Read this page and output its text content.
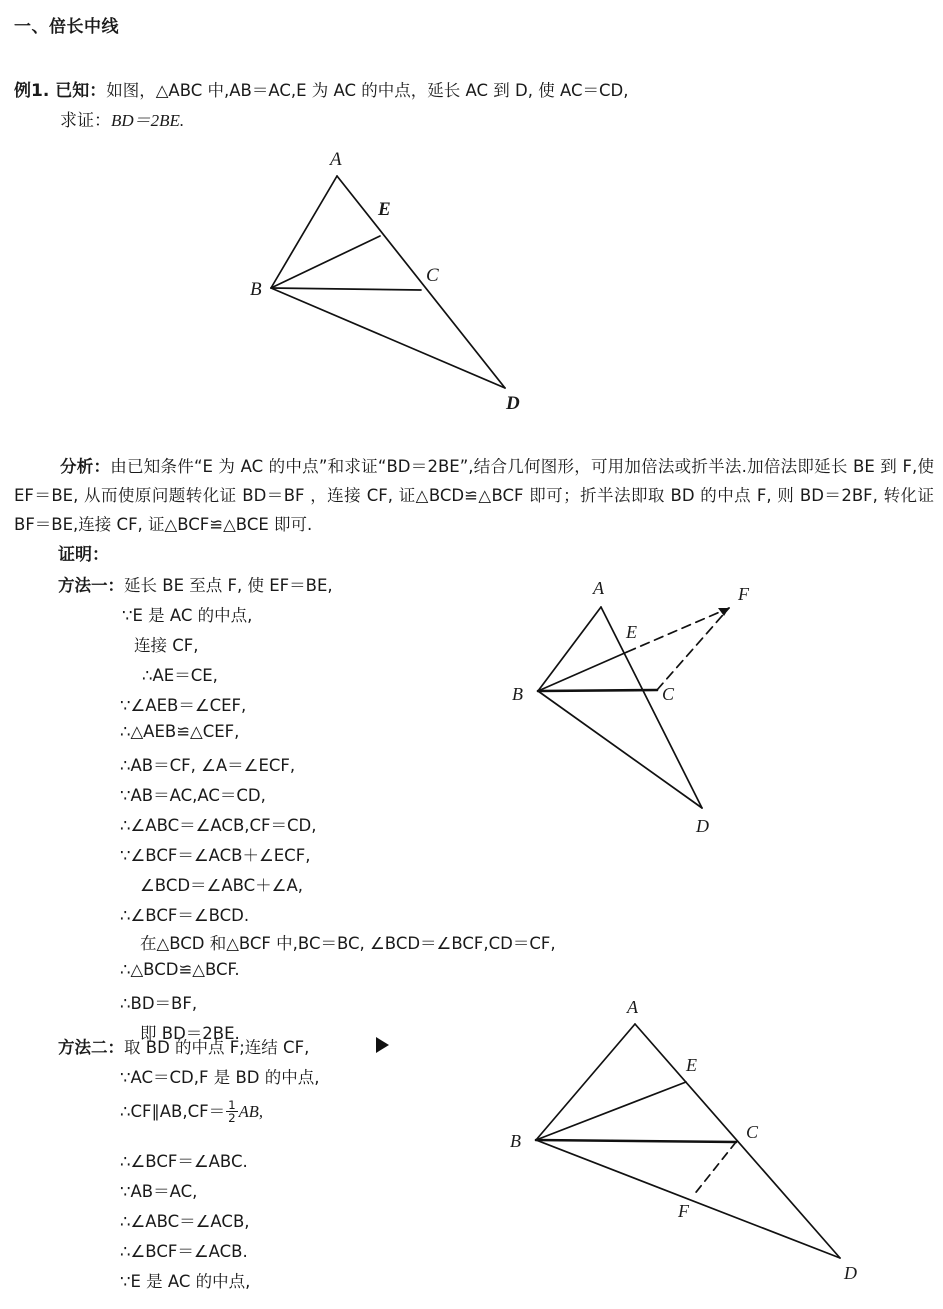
一、倍长中线
例1. 已知：如图，△ABC 中,AB＝AC,E 为 AC 的中点，延长 AC 到 D, 使 AC＝CD,
求证：BD＝2BE.
A
B
C
D
E
分析：由已知条件“E 为 AC 的中点”和求证“BD＝2BE”,结合几何图形，可用加倍法或折半法.加倍法即延长 BE 到 F,使 EF＝BE, 从而使原问题转化证 BD＝BF ，连接 CF, 证△BCD≌△BCF 即可；折半法即取 BD 的中点 F, 则 BD＝2BF, 转化证 BF＝BE,连接 CF, 证△BCF≌△BCE 即可.
证明：
方法一：延长 BE 至点 F, 使 EF＝BE,
∵E 是 AC 的中点,
连接 CF,
∴AE＝CE,
∵∠AEB＝∠CEF,
∴△AEB≌△CEF,
∴AB＝CF, ∠A＝∠ECF,
∵AB＝AC,AC＝CD,
∴∠ABC＝∠ACB,CF＝CD,
∵∠BCF＝∠ACB＋∠ECF,
∠BCD＝∠ABC＋∠A,
∴∠BCF＝∠BCD.
在△BCD 和△BCF 中,BC＝BC, ∠BCD＝∠BCF,CD＝CF,
∴△BCD≌△BCF.
∴BD＝BF,
即 BD＝2BE.
A
B	C
D
E
F
方法二：取 BD 的中点 F;连结 CF,
∵AC＝CD,F 是 BD 的中点,
∴CF∥AB,CF＝ $\frac{1}{2}$ AB,
∴∠BCF＝∠ABC.
∵AB＝AC,
∴∠ABC＝∠ACB,
∴∠BCF＝∠ACB.
∵E 是 AC 的中点,
A
B	C
D
E
F
